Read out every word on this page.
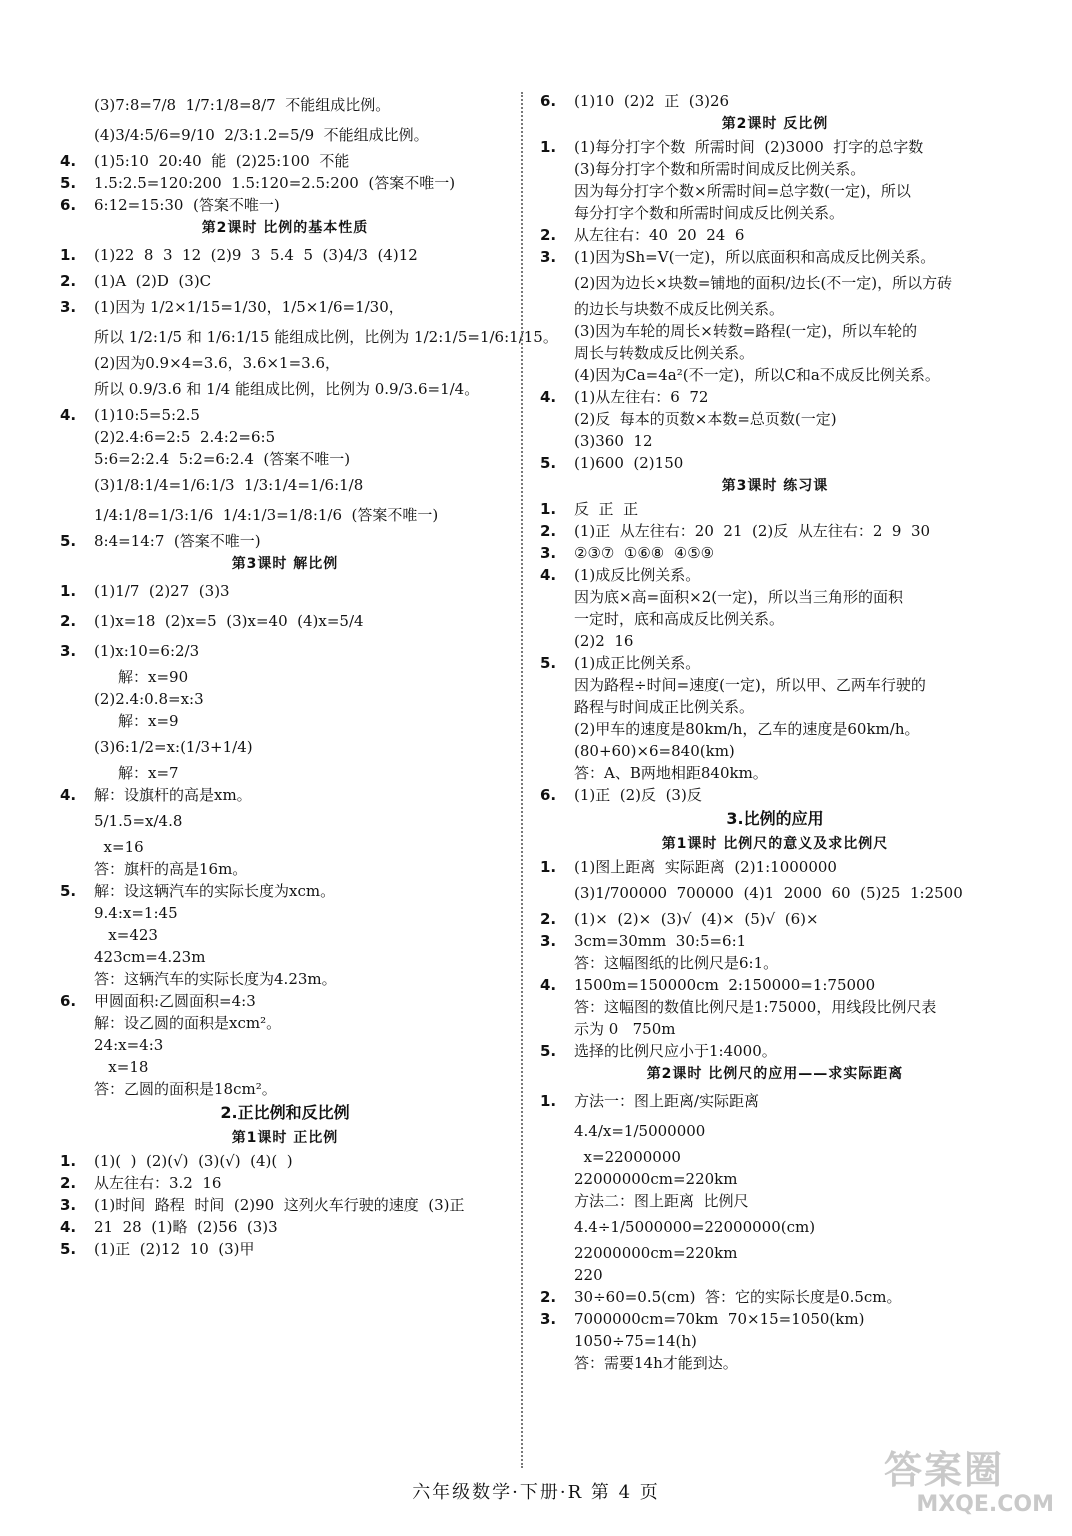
(3)7:8=7/8  1/7:1/8=8/7  不能组成比例。
(4)3/4:5/6=9/10  2/3:1.2=5/9  不能组成比例。
4.	(1)5:10  20:40  能  (2)25:100  不能
5.	1.5:2.5=120:200  1.5:120=2.5:200  (答案不唯一)
6.	6:12=15:30  (答案不唯一)
第2课时 比例的基本性质
1.	(1)22  8  3  12  (2)9  3  5.4  5  (3)4/3  (4)12
2.	(1)A  (2)D  (3)C
3.	(1)因为 1/2×1/15=1/30，1/5×1/6=1/30，
所以 1/2:1/5 和 1/6:1/15 能组成比例，比例为 1/2:1/5=1/6:1/15。
(2)因为0.9×4=3.6，3.6×1=3.6，
所以 0.9/3.6 和 1/4 能组成比例，比例为 0.9/3.6=1/4。
4.	(1)10:5=5:2.5
(2)2.4:6=2:5  2.4:2=6:5
5:6=2:2.4  5:2=6:2.4  (答案不唯一)
(3)1/8:1/4=1/6:1/3  1/3:1/4=1/6:1/8
1/4:1/8=1/3:1/6  1/4:1/3=1/8:1/6  (答案不唯一)
5.	8:4=14:7  (答案不唯一)
第3课时 解比例
1.	(1)1/7  (2)27  (3)3
2.	(1)x=18  (2)x=5  (3)x=40  (4)x=5/4
3.	(1)x:10=6:2/3
解：x=90
(2)2.4:0.8=x:3
解：x=9
(3)6:1/2=x:(1/3+1/4)
解：x=7
4.	解：设旗杆的高是xm。
5/1.5=x/4.8
x=16
答：旗杆的高是16m。
5.	解：设这辆汽车的实际长度为xcm。
9.4:x=1:45
x=423
423cm=4.23m
答：这辆汽车的实际长度为4.23m。
6.	甲圆面积:乙圆面积=4:3
解：设乙圆的面积是xcm²。
24:x=4:3
x=18
答：乙圆的面积是18cm²。
2.正比例和反比例
第1课时 正比例
1.	(1)(  )  (2)(√)  (3)(√)  (4)(  )
2.	从左往右：3.2  16
3.	(1)时间  路程  时间  (2)90  这列火车行驶的速度  (3)正
4.	21  28  (1)略  (2)56  (3)3
5.	(1)正  (2)12  10  (3)甲
6.	(1)10  (2)2  正  (3)26
第2课时 反比例
1.	(1)每分打字个数  所需时间  (2)3000  打字的总字数
(3)每分打字个数和所需时间成反比例关系。
因为每分打字个数×所需时间=总字数(一定)，所以
每分打字个数和所需时间成反比例关系。
2.	从左往右：40  20  24  6
3.	(1)因为Sh=V(一定)，所以底面积和高成反比例关系。
(2)因为边长×块数=铺地的面积/边长(不一定)，所以方砖
的边长与块数不成反比例关系。
(3)因为车轮的周长×转数=路程(一定)，所以车轮的
周长与转数成反比例关系。
(4)因为Ca=4a²(不一定)，所以C和a不成反比例关系。
4.	(1)从左往右：6  72
(2)反  每本的页数×本数=总页数(一定)
(3)360  12
5.	(1)600  (2)150
第3课时 练习课
1.	反  正  正
2.	(1)正  从左往右：20  21  (2)反  从左往右：2  9  30
3.	②③⑦  ①⑥⑧  ④⑤⑨
4.	(1)成反比例关系。
因为底×高=面积×2(一定)，所以当三角形的面积
一定时，底和高成反比例关系。
(2)2  16
5.	(1)成正比例关系。
因为路程÷时间=速度(一定)，所以甲、乙两车行驶的
路程与时间成正比例关系。
(2)甲车的速度是80km/h，乙车的速度是60km/h。
(80+60)×6=840(km)
答：A、B两地相距840km。
6.	(1)正  (2)反  (3)反
3.比例的应用
第1课时 比例尺的意义及求比例尺
1.	(1)图上距离  实际距离  (2)1:1000000
(3)1/700000  700000  (4)1  2000  60  (5)25  1:2500
2.	(1)×  (2)×  (3)√  (4)×  (5)√  (6)×
3.	3cm=30mm  30:5=6:1
答：这幅图纸的比例尺是6:1。
4.	1500m=150000cm  2:150000=1:75000
答：这幅图的数值比例尺是1:75000，用线段比例尺表
示为 0   750m
5.	选择的比例尺应小于1:4000。
第2课时 比例尺的应用——求实际距离
1.	方法一：图上距离/实际距离
4.4/x=1/5000000
x=22000000
22000000cm=220km
方法二：图上距离  比例尺
4.4÷1/5000000=22000000(cm)
22000000cm=220km
220
2.	30÷60=0.5(cm)  答：它的实际长度是0.5cm。
3.	7000000cm=70km  70×15=1050(km)
1050÷75=14(h)
答：需要14h才能到达。
六年级数学·下册·R 第 4 页
答案圈
MXQE.COM
